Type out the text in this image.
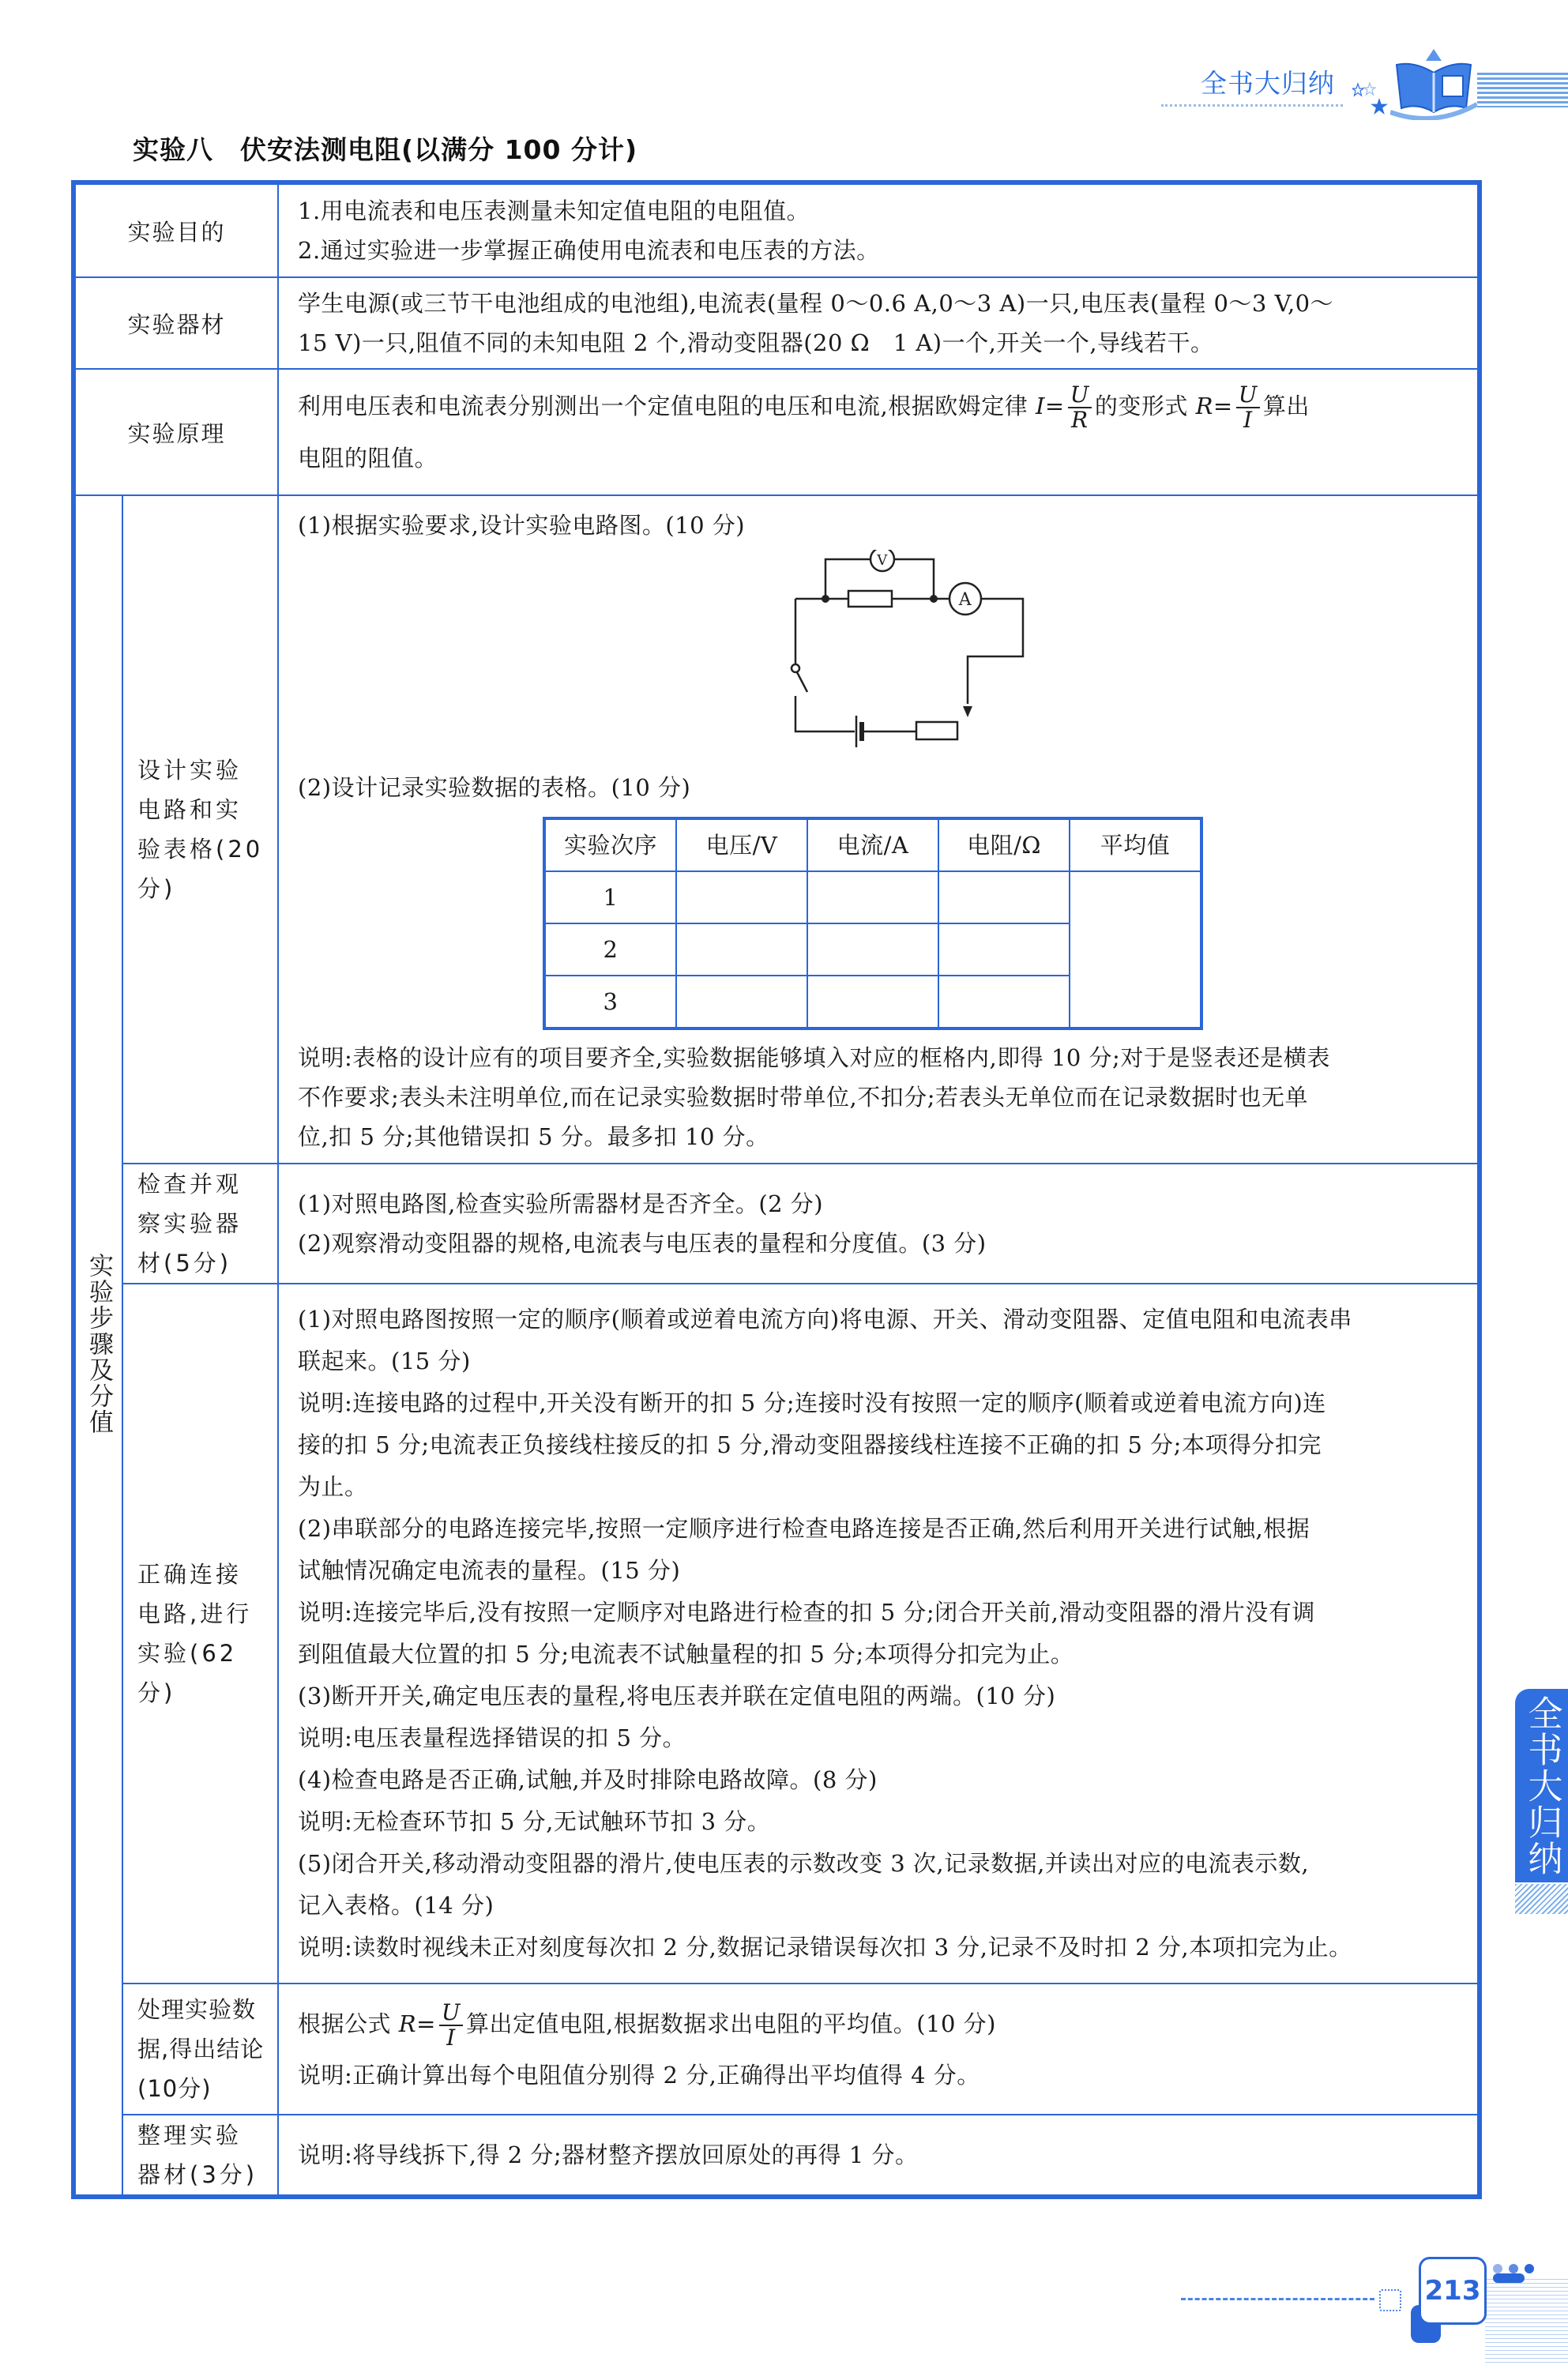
全书大归纳
实验八　伏安法测电阻(以满分 100 分计)
实验目的	

1.用电流表和电压表测量未知定值电阻的电阻值。

2.通过实验进一步掌握正确使用电流表和电压表的方法。

实验器材	

学生电源(或三节干电池组成的电池组),电流表(量程 0～0.6 A,0～3 A)一只,电压表(量程 0～3 V,0～

15 V)一只,阻值不同的未知电阻 2 个,滑动变阻器(20 Ω　1 A)一个,开关一个,导线若干。

实验原理	

利用电压表和电流表分别测出一个定值电阻的电压和电流,根据欧姆定律 $I= \frac{U}{R}$ 的变形式 $R= \frac{U}{I}$ 算出

电阻的阻值。

实验步骤及分值	设计实验电路和实验表格(20分)	

(1)根据实验要求,设计实验电路图。(10 分)

V
A

(2)设计记录实验数据的表格。(10 分)

实验次序	电压/V	电流/A	电阻/Ω	平均值
1				
2			
3			

说明:表格的设计应有的项目要齐全,实验数据能够填入对应的框格内,即得 10 分;对于是竖表还是横表

不作要求;表头未注明单位,而在记录实验数据时带单位,不扣分;若表头无单位而在记录数据时也无单

位,扣 5 分;其他错误扣 5 分。最多扣 10 分。

检查并观察实验器材(5分)	

(1)对照电路图,检查实验所需器材是否齐全。(2 分)

(2)观察滑动变阻器的规格,电流表与电压表的量程和分度值。(3 分)

正确连接电路,进行实验(62分)	

(1)对照电路图按照一定的顺序(顺着或逆着电流方向)将电源、开关、滑动变阻器、定值电阻和电流表串

联起来。(15 分)

说明:连接电路的过程中,开关没有断开的扣 5 分;连接时没有按照一定的顺序(顺着或逆着电流方向)连

接的扣 5 分;电流表正负接线柱接反的扣 5 分,滑动变阻器接线柱连接不正确的扣 5 分;本项得分扣完

为止。

(2)串联部分的电路连接完毕,按照一定顺序进行检查电路连接是否正确,然后利用开关进行试触,根据

试触情况确定电流表的量程。(15 分)

说明:连接完毕后,没有按照一定顺序对电路进行检查的扣 5 分;闭合开关前,滑动变阻器的滑片没有调

到阻值最大位置的扣 5 分;电流表不试触量程的扣 5 分;本项得分扣完为止。

(3)断开开关,确定电压表的量程,将电压表并联在定值电阻的两端。(10 分)

说明:电压表量程选择错误的扣 5 分。

(4)检查电路是否正确,试触,并及时排除电路故障。(8 分)

说明:无检查环节扣 5 分,无试触环节扣 3 分。

(5)闭合开关,移动滑动变阻器的滑片,使电压表的示数改变 3 次,记录数据,并读出对应的电流表示数,

记入表格。(14 分)

说明:读数时视线未正对刻度每次扣 2 分,数据记录错误每次扣 3 分,记录不及时扣 2 分,本项扣完为止。

处理实验数据,得出结论(10分)	

根据公式 $R= \frac{U}{I}$ 算出定值电阻,根据数据求出电阻的平均值。(10 分)

说明:正确计算出每个电阻值分别得 2 分,正确得出平均值得 4 分。

整理实验器材(3分)	

说明:将导线拆下,得 2 分;器材整齐摆放回原处的再得 1 分。

全书大归纳
213
